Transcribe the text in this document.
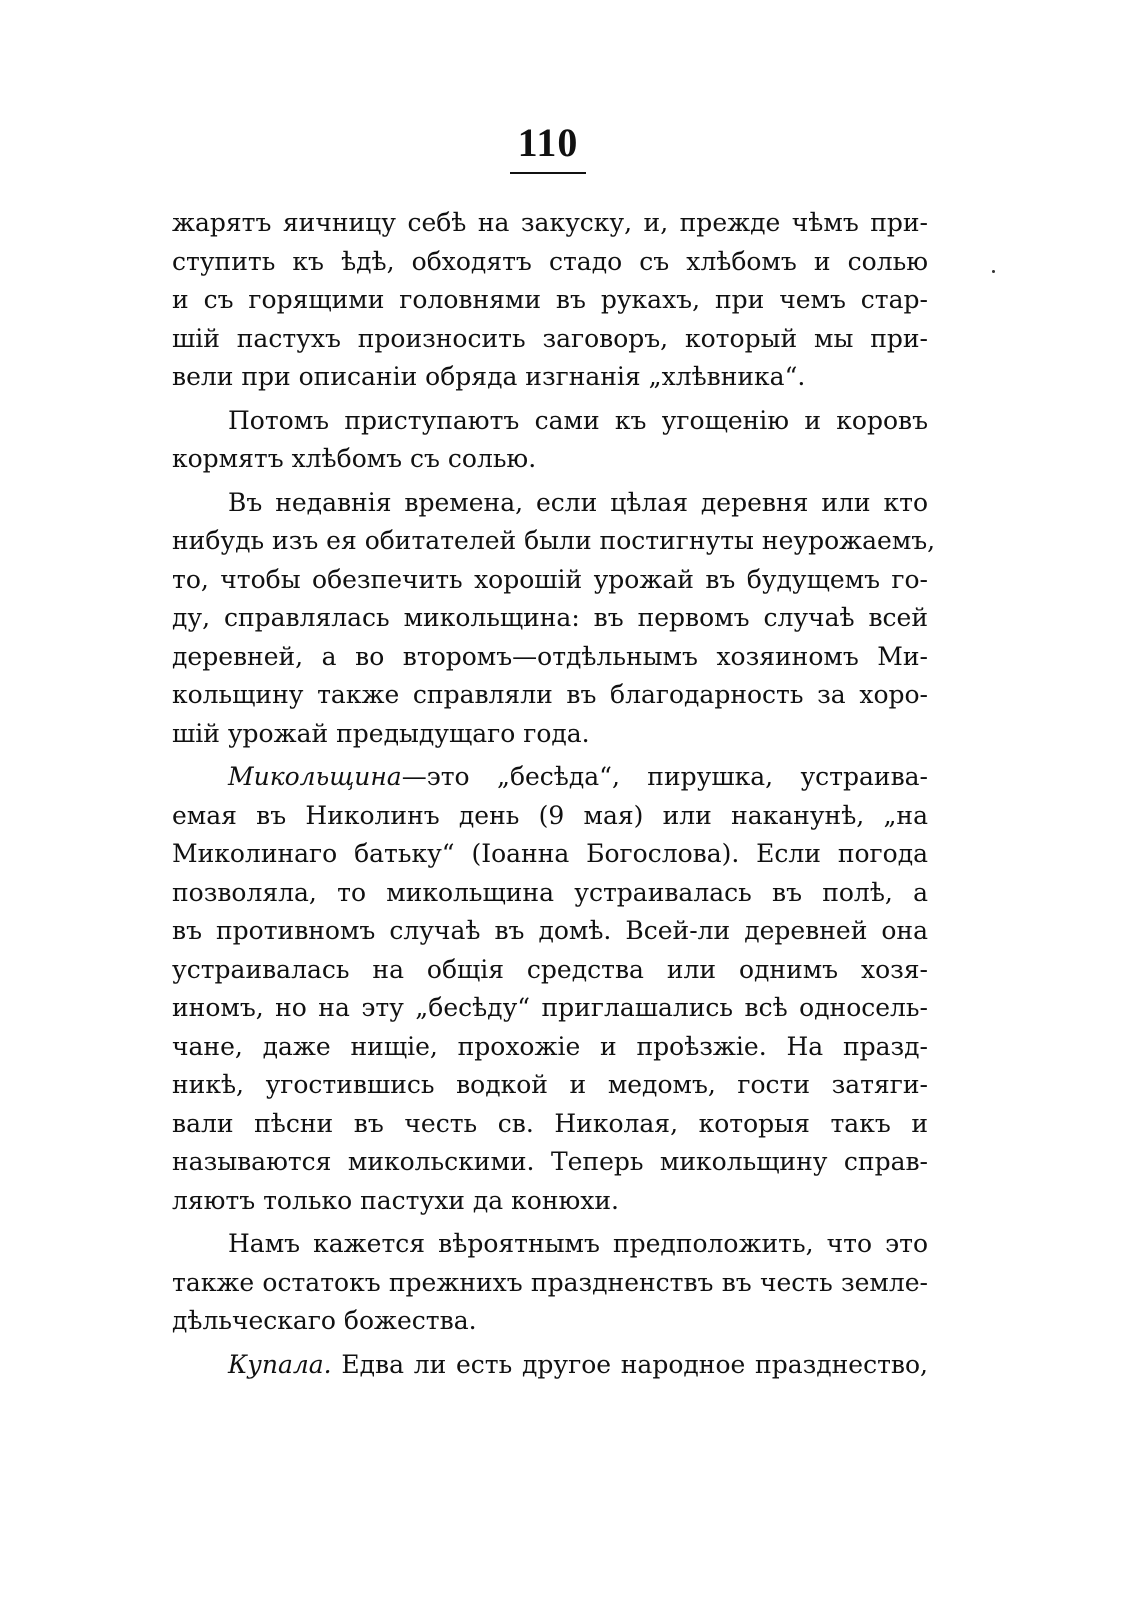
110
жарятъ яичницу себѣ на закуску, и, прежде чѣмъ при-
ступить къ ѣдѣ, обходятъ стадо съ хлѣбомъ и солью
и съ горящими головнями въ рукахъ, при чемъ стар-
шій пастухъ произносить заговоръ, который мы при-
вели при описаніи обряда изгнанія „хлѣвника“.
Потомъ приступаютъ сами къ угощенію и коровъ
кормятъ хлѣбомъ съ солью.
Въ недавнія времена, если цѣлая деревня или кто
нибудь изъ ея обитателей были постигнуты неурожаемъ,
то, чтобы обезпечить хорошій урожай въ будущемъ го-
ду, справлялась микольщина: въ первомъ случаѣ всей
деревней, а во второмъ—отдѣльнымъ хозяиномъ Ми-
кольщину также справляли въ благодарность за хоро-
шій урожай предыдущаго года.
Микольщина—это „бесѣда“, пирушка, устраива-
емая въ Николинъ день (9 мая) или наканунѣ, „на
Миколинаго батьку“ (Іоанна Богослова). Если погода
позволяла, то микольщина устраивалась въ полѣ, а
въ противномъ случаѣ въ домѣ. Всей-ли деревней она
устраивалась на общія средства или однимъ хозя-
иномъ, но на эту „бесѣду“ приглашались всѣ односель-
чане, даже нищіе, прохожіе и проѣзжіе. На празд-
никѣ, угостившись водкой и медомъ, гости затяги-
вали пѣсни въ честь св. Николая, которыя такъ и
называются микольскими. Теперь микольщину справ-
ляютъ только пастухи да конюхи.
Намъ кажется вѣроятнымъ предположить, что это
также остатокъ прежнихъ праздненствъ въ честь земле-
дѣльческаго божества.
Купала. Едва ли есть другое народное празднество,
